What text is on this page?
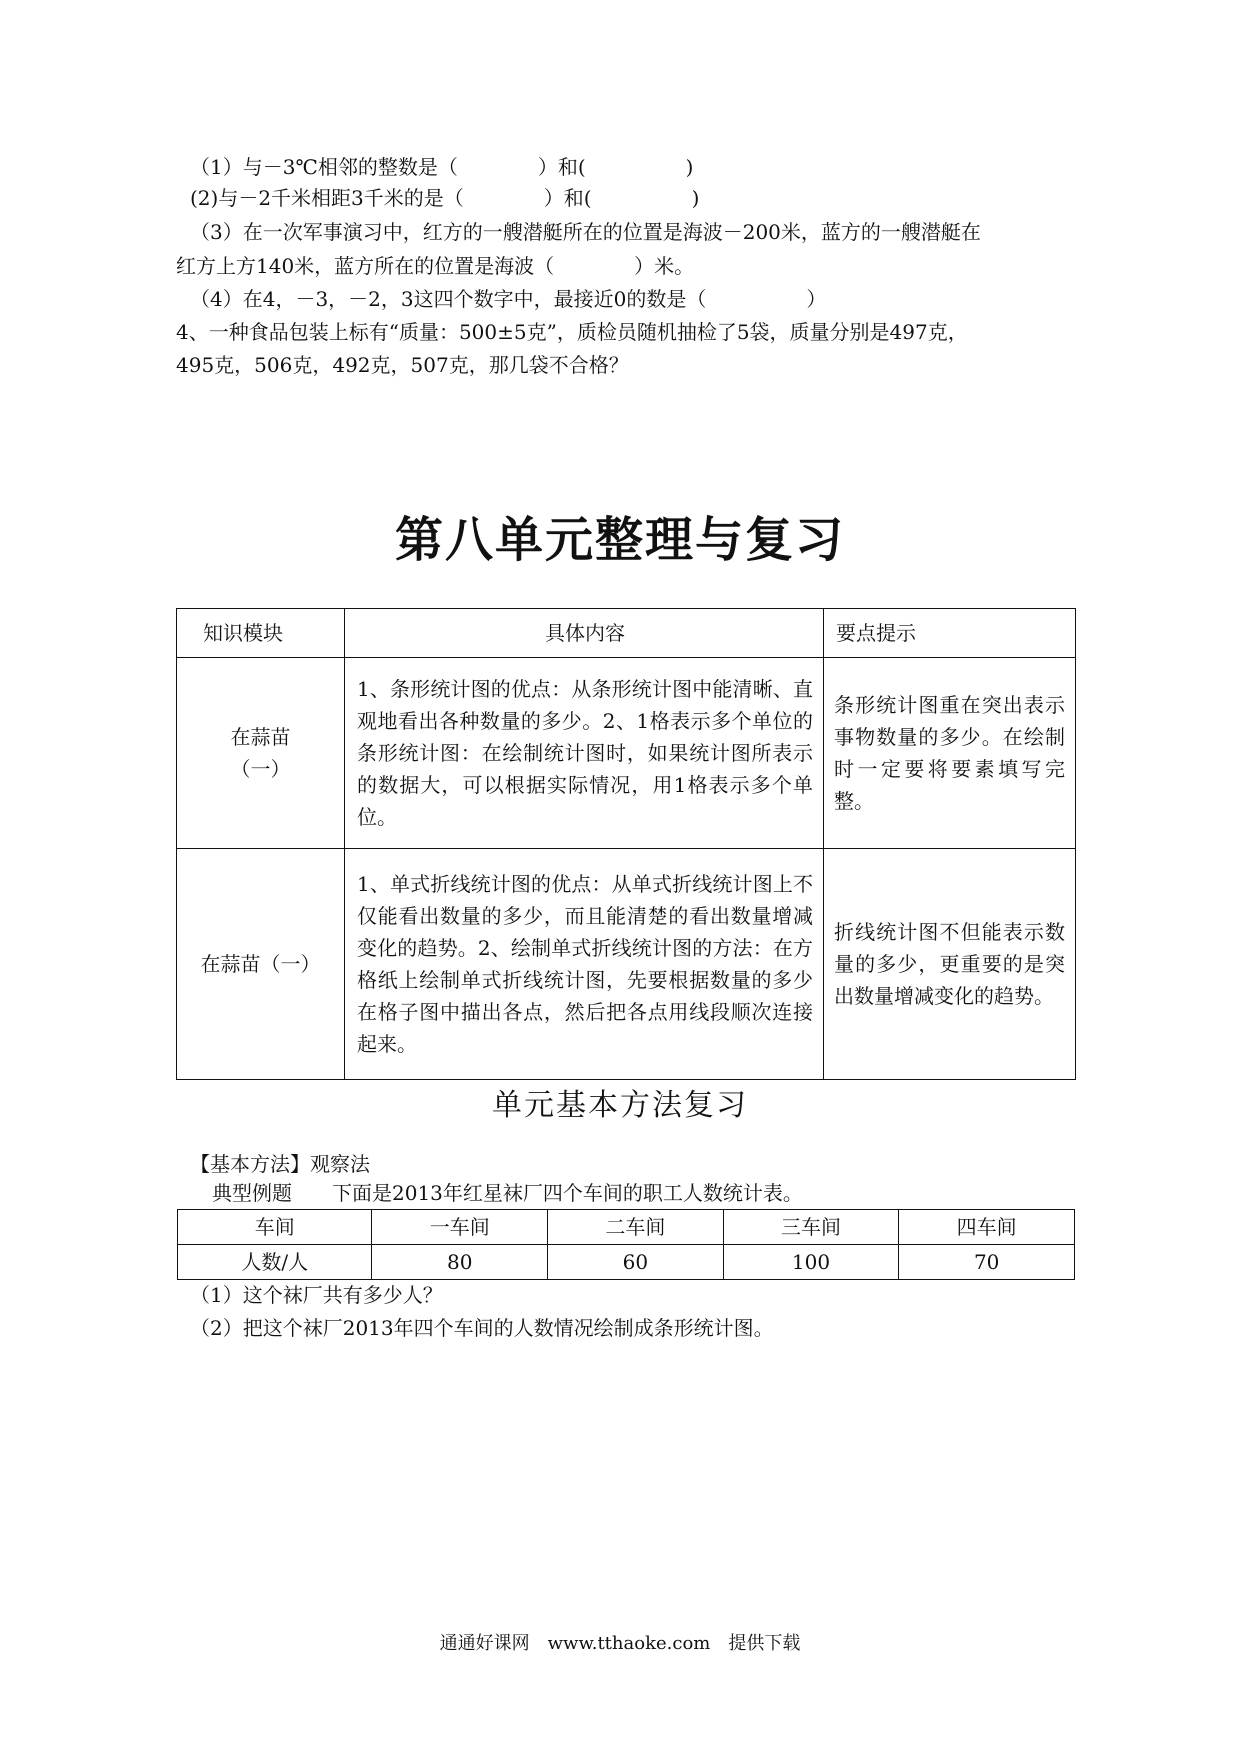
（1）与－3℃相邻的整数是（　　　　）和(　　　　　)
(2)与－2千米相距3千米的是（　　　　）和(　　　　　)
（3）在一次军事演习中，红方的一艘潜艇所在的位置是海波－200米，蓝方的一艘潜艇在
红方上方140米，蓝方所在的位置是海波（　　　　）米。
（4）在4，－3，－2，3这四个数字中，最接近0的数是（　　　　　）
4、一种食品包装上标有“质量：500±5克”，质检员随机抽检了5袋，质量分别是497克，
495克，506克，492克，507克，那几袋不合格？
第八单元整理与复习
知识模块	具体内容	要点提示

在蒜苗
（一）	1、条形统计图的优点：从条形统计图中能清晰、直观地看出各种数量的多少。2、1格表示多个单位的条形统计图：在绘制统计图时，如果统计图所表示的数据大，可以根据实际情况，用1格表示多个单位。	条形统计图重在突出表示事物数量的多少。在绘制时一定要将要素填写完整。
在蒜苗（一）	1、单式折线统计图的优点：从单式折线统计图上不仅能看出数量的多少，而且能清楚的看出数量增减变化的趋势。2、绘制单式折线统计图的方法：在方格纸上绘制单式折线统计图，先要根据数量的多少在格子图中描出各点，然后把各点用线段顺次连接起来。	折线统计图不但能表示数量的多少，更重要的是突出数量增减变化的趋势。
单元基本方法复习
【基本方法】观察法
典型例题　　下面是2013年红星袜厂四个车间的职工人数统计表。
车间	一车间	二车间	三车间	四车间
人数/人	80	60	100	70
（1）这个袜厂共有多少人？
（2）把这个袜厂2013年四个车间的人数情况绘制成条形统计图。
通通好课网　www.tthaoke.com　提供下载
